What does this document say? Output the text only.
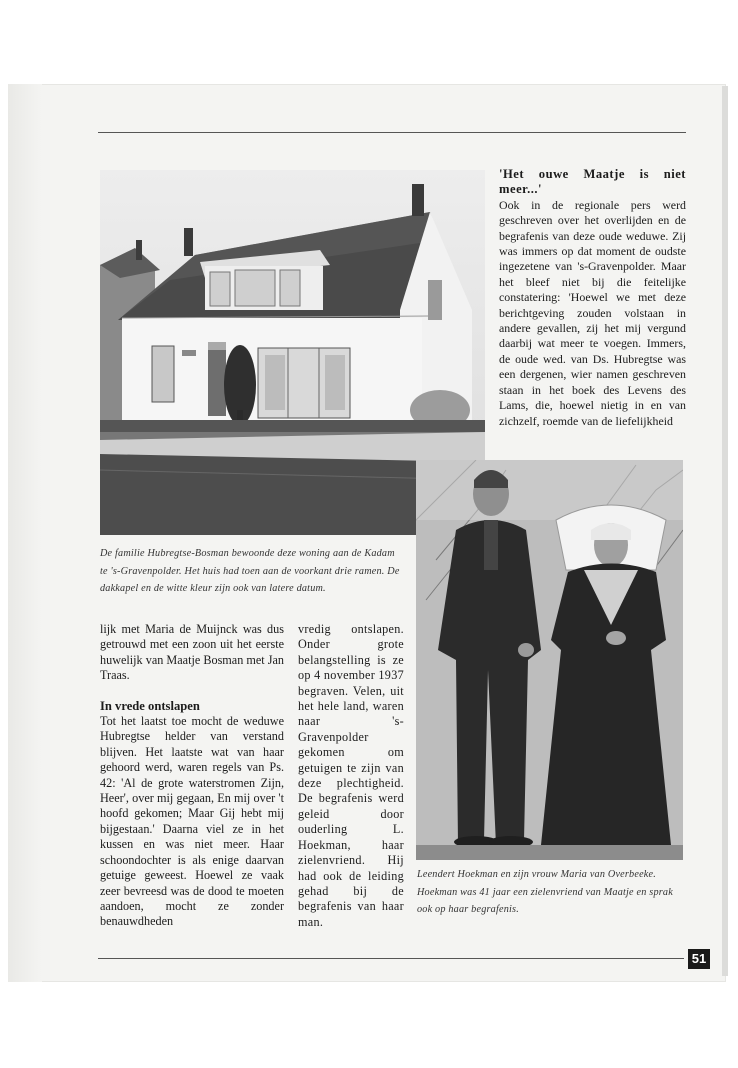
'Het ouwe Maatje is niet meer...'

Ook in de regionale pers werd geschreven over het overlijden en de begrafenis van deze oude weduwe. Zij was immers op dat moment de oudste ingezetene van 's-Gravenpolder. Maar het bleef niet bij die feitelijke constatering: 'Hoewel we met deze berichtgeving zouden volstaan in andere gevallen, zij het mij vergund daarbij wat meer te voegen. Immers, de oude wed. van Ds. Hubregtse was een dergenen, wier namen geschreven staan in het boek des Levens des Lams, die, hoewel nietig in en van zichzelf, roemde van de liefelijkheid

De familie Hubregtse-Bosman bewoonde deze woning aan de Kadam te 's-Gravenpolder. Het huis had toen aan de voorkant drie ramen. De dakkapel en de witte kleur zijn ook van latere datum.

Leendert Hoekman en zijn vrouw Maria van Overbeeke. Hoekman was 41 jaar een zielenvriend van Maatje en sprak ook op haar begrafenis.

lijk met Maria de Muijnck was dus getrouwd met een zoon uit het eerste huwelijk van Maatje Bosman met Jan Traas.

In vrede ontslapen

Tot het laatst toe mocht de weduwe Hubregtse helder van verstand blijven. Het laatste wat van haar gehoord werd, waren regels van Ps. 42: 'Al de grote waterstromen Zijn, Heer', over mij gegaan, En mij over 't hoofd gekomen; Maar Gij hebt mij bijgestaan.' Daarna viel ze in het kussen en was niet meer. Haar schoondochter is als enige daarvan getuige geweest. Hoewel ze vaak zeer bevreesd was de dood te moeten aandoen, mocht ze zonder benauwdheden

vredig ontslapen. Onder grote belangstelling is ze op 4 november 1937 begraven. Velen, uit het hele land, waren naar 's-Gravenpolder gekomen om getuigen te zijn van deze plechtigheid. De begrafenis werd geleid door ouderling L. Hoekman, haar zielenvriend. Hij had ook de leiding gehad bij de begrafenis van haar man.

51
